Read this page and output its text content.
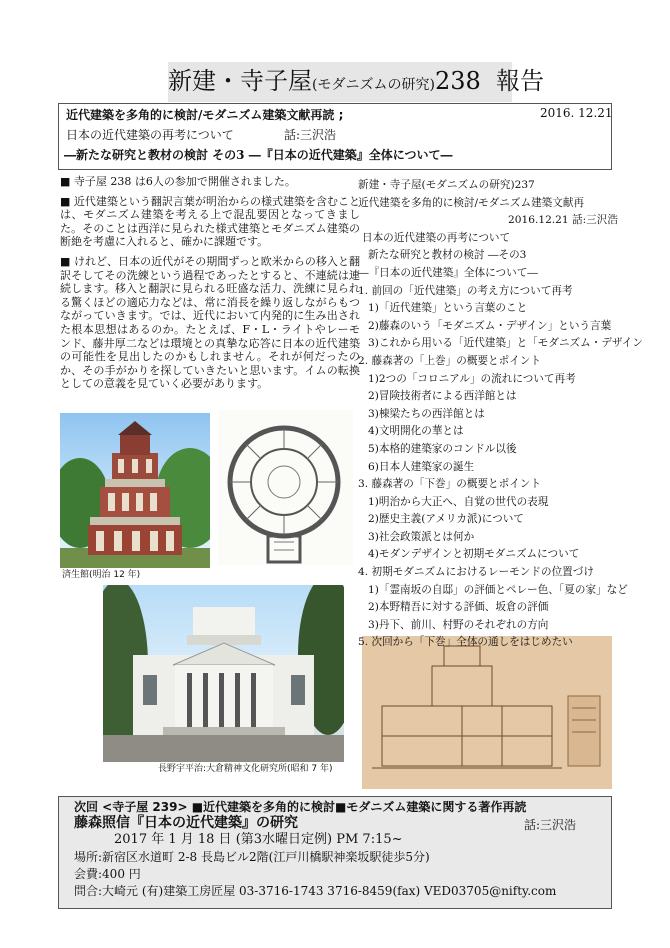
新建・寺子屋(モダニズムの研究)238 報告
近代建築を多角的に検討/モダニズム建築文献再読 ;	2016. 12.21
日本の近代建築の再考について	話:三沢浩
―新たな研究と教材の検討 その3 ―『日本の近代建築』全体について―

■ 寺子屋 238 は6人の参加で開催されました。

■ 近代建築という翻訳言葉が明治からの様式建築を含むことは、モダニズム建築を考える上で混乱要因となってきました。そのことは西洋に見られた様式建築とモダニズム建築の断絶を考慮に入れると、確かに課題です。

■ けれど、日本の近代がその期間ずっと欧米からの移入と翻訳そしてその洗練という過程であったとすると、不連続は連続します。移入と翻訳に見られる旺盛な活力、洗練に見られる驚くほどの適応力などは、常に消長を繰り返しながらもつながっていきます。では、近代において内発的に生み出された根本思想はあるのか。たとえば、F・L・ライトやレーモンド、藤井厚二などは環境との真摯な応答に日本の近代建築の可能性を見出したのかもしれません。それが何だったのか、その手がかりを探していきたいと思います。イムの転換としての意義を見ていく必要があります。

済生館(明治 12 年)
長野宇平治:大倉精神文化研究所(昭和 7 年)
新建・寺子屋(モダニズムの研究)237
近代建築を多角的に検討/モダニズム建築文献再
2016.12.21 話:三沢浩
日本の近代建築の再考について
新たな研究と教材の検討 ―その3
―『日本の近代建築』全体について―
1. 前回の「近代建築」の考え方について再考
1)「近代建築」という言葉のこと
2)藤森のいう「モダニズム・デザイン」という言葉
3)これから用いる「近代建築」と「モダニズム・デザイン
2. 藤森著の「上巻」の概要とポイント
1)2つの「コロニアル」の流れについて再考
2)冒険技術者による西洋館とは
3)棟梁たちの西洋館とは
4)文明開化の華とは
5)本格的建築家のコンドル以後
6)日本人建築家の誕生
3. 藤森著の「下巻」の概要とポイント
1)明治から大正へ、自覚の世代の表現
2)歴史主義(アメリカ派)について
3)社会政策派とは何か
4)モダンデザインと初期モダニズムについて
4. 初期モダニズムにおけるレーモンドの位置づけ
1)「霊南坂の自邸」の評価とペレー色、「夏の家」など
2)本野精吾に対する評価、坂倉の評価
3)丹下、前川、村野のそれぞれの方向
5. 次回から「下巻」全体の通しをはじめたい
次回 <寺子屋 239> ■近代建築を多角的に検討■モダニズム建築に関する著作再読
藤森照信『日本の近代建築』の研究	話:三沢浩
2017 年 1 月 18 日 (第3水曜日定例) PM 7:15~
場所:新宿区水道町 2-8 長島ビル2階(江戸川橋駅神楽坂駅徒歩5分)
会費:400 円
問合:大崎元 (有)建築工房匠屋 03-3716-1743 3716-8459(fax) VED03705@nifty.com
